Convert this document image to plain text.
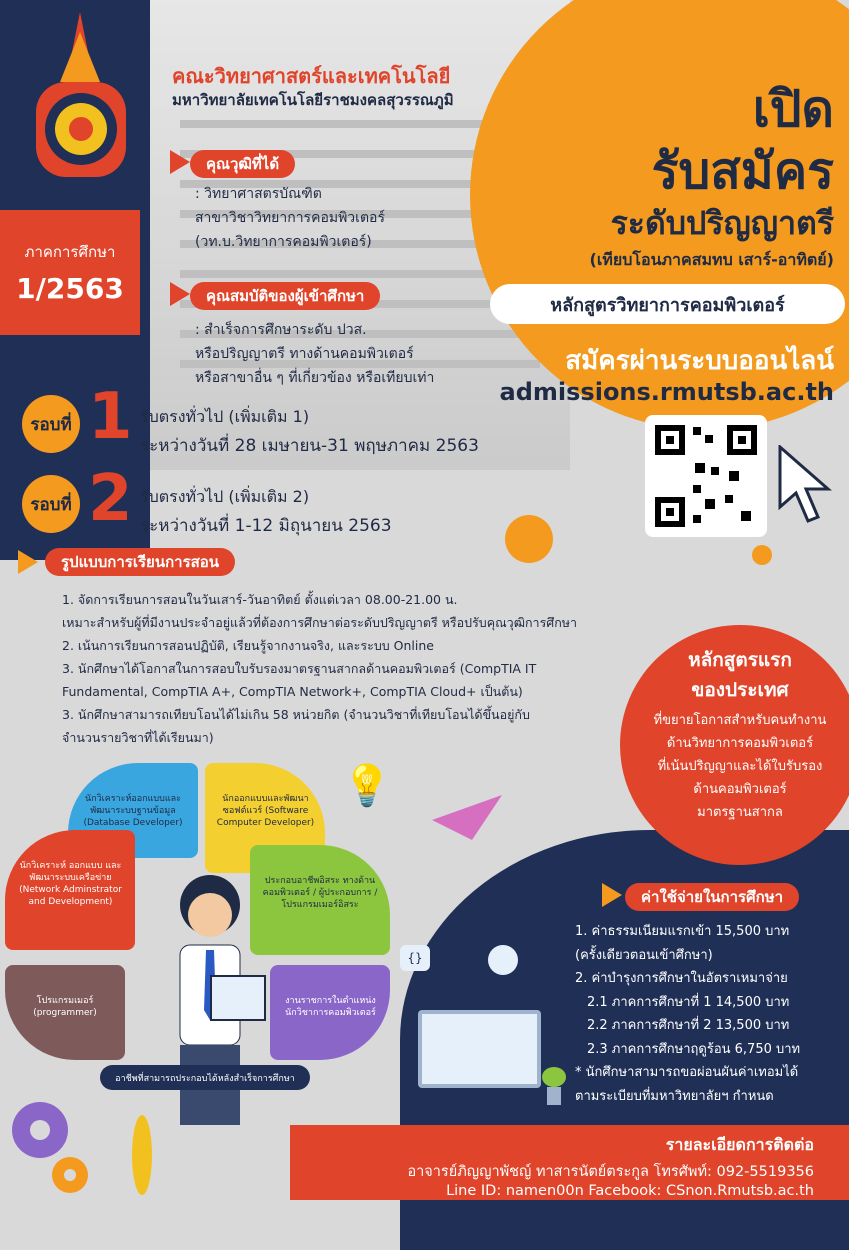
คณะวิทยาศาสตร์และเทคโนโลยี
มหาวิทยาลัยเทคโนโลยีราชมงคลสุวรรณภูมิ
ภาคการศึกษา
1/2563
คุณวุฒิที่ได้
: วิทยาศาสตรบัณฑิต
สาขาวิชาวิทยาการคอมพิวเตอร์
(วท.บ.วิทยาการคอมพิวเตอร์)
คุณสมบัติของผู้เข้าศึกษา
: สำเร็จการศึกษาระดับ ปวส.
หรือปริญญาตรี ทางด้านคอมพิวเตอร์
หรือสาขาอื่น ๆ ที่เกี่ยวข้อง หรือเทียบเท่า
เปิด
รับสมัคร
ระดับปริญญาตรี
(เทียบโอนภาคสมทบ เสาร์-อาทิตย์)
หลักสูตรวิทยาการคอมพิวเตอร์
สมัครผ่านระบบออนไลน์
admissions.rmutsb.ac.th
รอบที่ 1 รับตรงทั่วไป (เพิ่มเติม 1)
ระหว่างวันที่ 28 เมษายน-31 พฤษภาคม 2563
รอบที่ 2 รับตรงทั่วไป (เพิ่มเติม 2)
ระหว่างวันที่ 1-12 มิถุนายน 2563
รูปแบบการเรียนการสอน
1. จัดการเรียนการสอนในวันเสาร์-วันอาทิตย์ ตั้งแต่เวลา 08.00-21.00 น.
เหมาะสำหรับผู้ที่มีงานประจำอยู่แล้วที่ต้องการศึกษาต่อระดับปริญญาตรี หรือปรับคุณวุฒิการศึกษา
2. เน้นการเรียนการสอนปฏิบัติ, เรียนรู้จากงานจริง, และระบบ Online
3. นักศึกษาได้โอกาสในการสอบใบรับรองมาตรฐานสากลด้านคอมพิวเตอร์ (CompTIA IT
Fundamental, CompTIA A+, CompTIA Network+, CompTIA Cloud+ เป็นต้น)
3. นักศึกษาสามารถเทียบโอนได้ไม่เกิน 58 หน่วยกิต (จำนวนวิชาที่เทียบโอนได้ขึ้นอยู่กับ
จำนวนรายวิชาที่ได้เรียนมา)
หลักสูตรแรก
ของประเทศ
ที่ขยายโอกาสสำหรับคนทำงาน
ด้านวิทยาการคอมพิวเตอร์
ที่เน้นปริญญาและได้ใบรับรอง
ด้านคอมพิวเตอร์
มาตรฐานสากล
นักวิเคราะห์ออกแบบและพัฒนาระบบฐานข้อมูล (Database Developer)
นักออกแบบและพัฒนาซอฟต์แวร์ (Software Computer Developer)
นักวิเคราะห์ ออกแบบ และพัฒนาระบบเครือข่าย (Network Adminstrator and Development)
ประกอบอาชีพอิสระ ทางด้านคอมพิวเตอร์ / ผู้ประกอบการ / โปรแกรมเมอร์อิสระ
โปรแกรมเมอร์ (programmer)
งานราชการในตำแหน่ง นักวิชาการคอมพิวเตอร์
อาชีพที่สามารถประกอบได้หลังสำเร็จการศึกษา
💡
ค่าใช้จ่ายในการศึกษา
1. ค่าธรรมเนียมแรกเข้า 15,500 บาท
(ครั้งเดียวตอนเข้าศึกษา)
2. ค่าบำรุงการศึกษาในอัตราเหมาจ่าย
2.1 ภาคการศึกษาที่ 1 14,500 บาท
2.2 ภาคการศึกษาที่ 2 13,500 บาท
2.3 ภาคการศึกษาฤดูร้อน 6,750 บาท
* นักศึกษาสามารถขอผ่อนผันค่าเทอมได้
ตามระเบียบที่มหาวิทยาลัยฯ กำหนด
{}
รายละเอียดการติดต่อ
อาจารย์ภิญญาพัชญ์ ทาสารนัตย์ตระกูล โทรศัพท์: 092-5519356
Line ID: namen00n Facebook: CSnon.Rmutsb.ac.th
